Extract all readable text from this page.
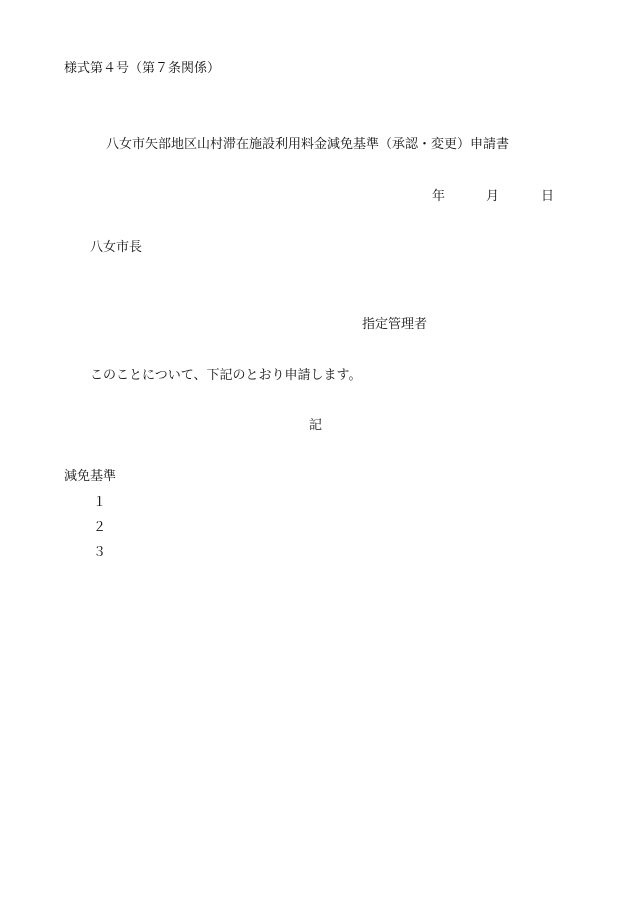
様式第４号（第７条関係）
八女市矢部地区山村滞在施設利用料金減免基準（承認・変更）申請書
年	月	日
八女市長
指定管理者
このことについて、下記のとおり申請します。
記
減免基準
１
２
３
